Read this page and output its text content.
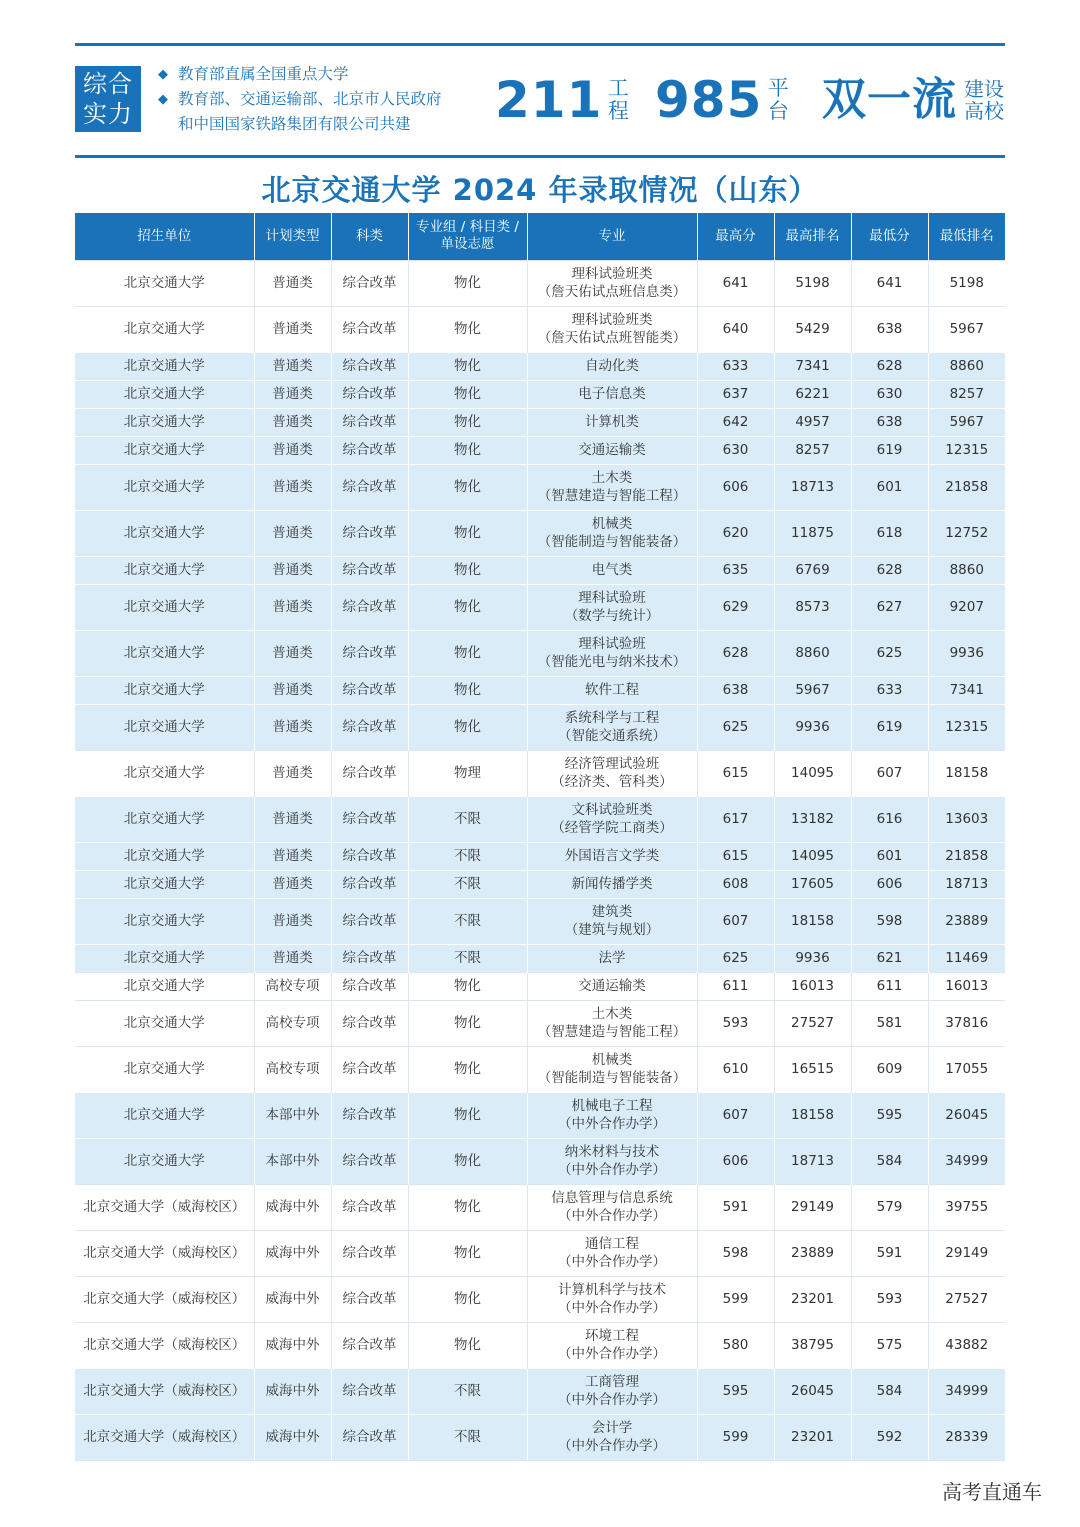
综合
实力
◆ 教育部直属全国重点大学
◆ 教育部、交通运输部、北京市人民政府
和中国国家铁路集团有限公司共建	211 工程 985 平台 双一流 建设高校
北京交通大学 2024 年录取情况（山东）
招生单位	计划类型	科类	专业组 / 科目类 / 单设志愿	专业	最高分	最高排名	最低分	最低排名
北京交通大学	普通类	综合改革	物化	理科试验班类
（詹天佑试点班信息类）	641	5198	641	5198
北京交通大学	普通类	综合改革	物化	理科试验班类
（詹天佑试点班智能类）	640	5429	638	5967
北京交通大学	普通类	综合改革	物化	自动化类	633	7341	628	8860
北京交通大学	普通类	综合改革	物化	电子信息类	637	6221	630	8257
北京交通大学	普通类	综合改革	物化	计算机类	642	4957	638	5967
北京交通大学	普通类	综合改革	物化	交通运输类	630	8257	619	12315
北京交通大学	普通类	综合改革	物化	土木类
（智慧建造与智能工程）	606	18713	601	21858
北京交通大学	普通类	综合改革	物化	机械类
（智能制造与智能装备）	620	11875	618	12752
北京交通大学	普通类	综合改革	物化	电气类	635	6769	628	8860
北京交通大学	普通类	综合改革	物化	理科试验班
（数学与统计）	629	8573	627	9207
北京交通大学	普通类	综合改革	物化	理科试验班
（智能光电与纳米技术）	628	8860	625	9936
北京交通大学	普通类	综合改革	物化	软件工程	638	5967	633	7341
北京交通大学	普通类	综合改革	物化	系统科学与工程
（智能交通系统）	625	9936	619	12315
北京交通大学	普通类	综合改革	物理	经济管理试验班
（经济类、管科类）	615	14095	607	18158
北京交通大学	普通类	综合改革	不限	文科试验班类
（经管学院工商类）	617	13182	616	13603
北京交通大学	普通类	综合改革	不限	外国语言文学类	615	14095	601	21858
北京交通大学	普通类	综合改革	不限	新闻传播学类	608	17605	606	18713
北京交通大学	普通类	综合改革	不限	建筑类
（建筑与规划）	607	18158	598	23889
北京交通大学	普通类	综合改革	不限	法学	625	9936	621	11469
北京交通大学	高校专项	综合改革	物化	交通运输类	611	16013	611	16013
北京交通大学	高校专项	综合改革	物化	土木类
（智慧建造与智能工程）	593	27527	581	37816
北京交通大学	高校专项	综合改革	物化	机械类
（智能制造与智能装备）	610	16515	609	17055
北京交通大学	本部中外	综合改革	物化	机械电子工程
（中外合作办学）	607	18158	595	26045
北京交通大学	本部中外	综合改革	物化	纳米材料与技术
（中外合作办学）	606	18713	584	34999
北京交通大学（威海校区）	威海中外	综合改革	物化	信息管理与信息系统
（中外合作办学）	591	29149	579	39755
北京交通大学（威海校区）	威海中外	综合改革	物化	通信工程
（中外合作办学）	598	23889	591	29149
北京交通大学（威海校区）	威海中外	综合改革	物化	计算机科学与技术
（中外合作办学）	599	23201	593	27527
北京交通大学（威海校区）	威海中外	综合改革	物化	环境工程
（中外合作办学）	580	38795	575	43882
北京交通大学（威海校区）	威海中外	综合改革	不限	工商管理
（中外合作办学）	595	26045	584	34999
北京交通大学（威海校区）	威海中外	综合改革	不限	会计学
（中外合作办学）	599	23201	592	28339
高考直通车
